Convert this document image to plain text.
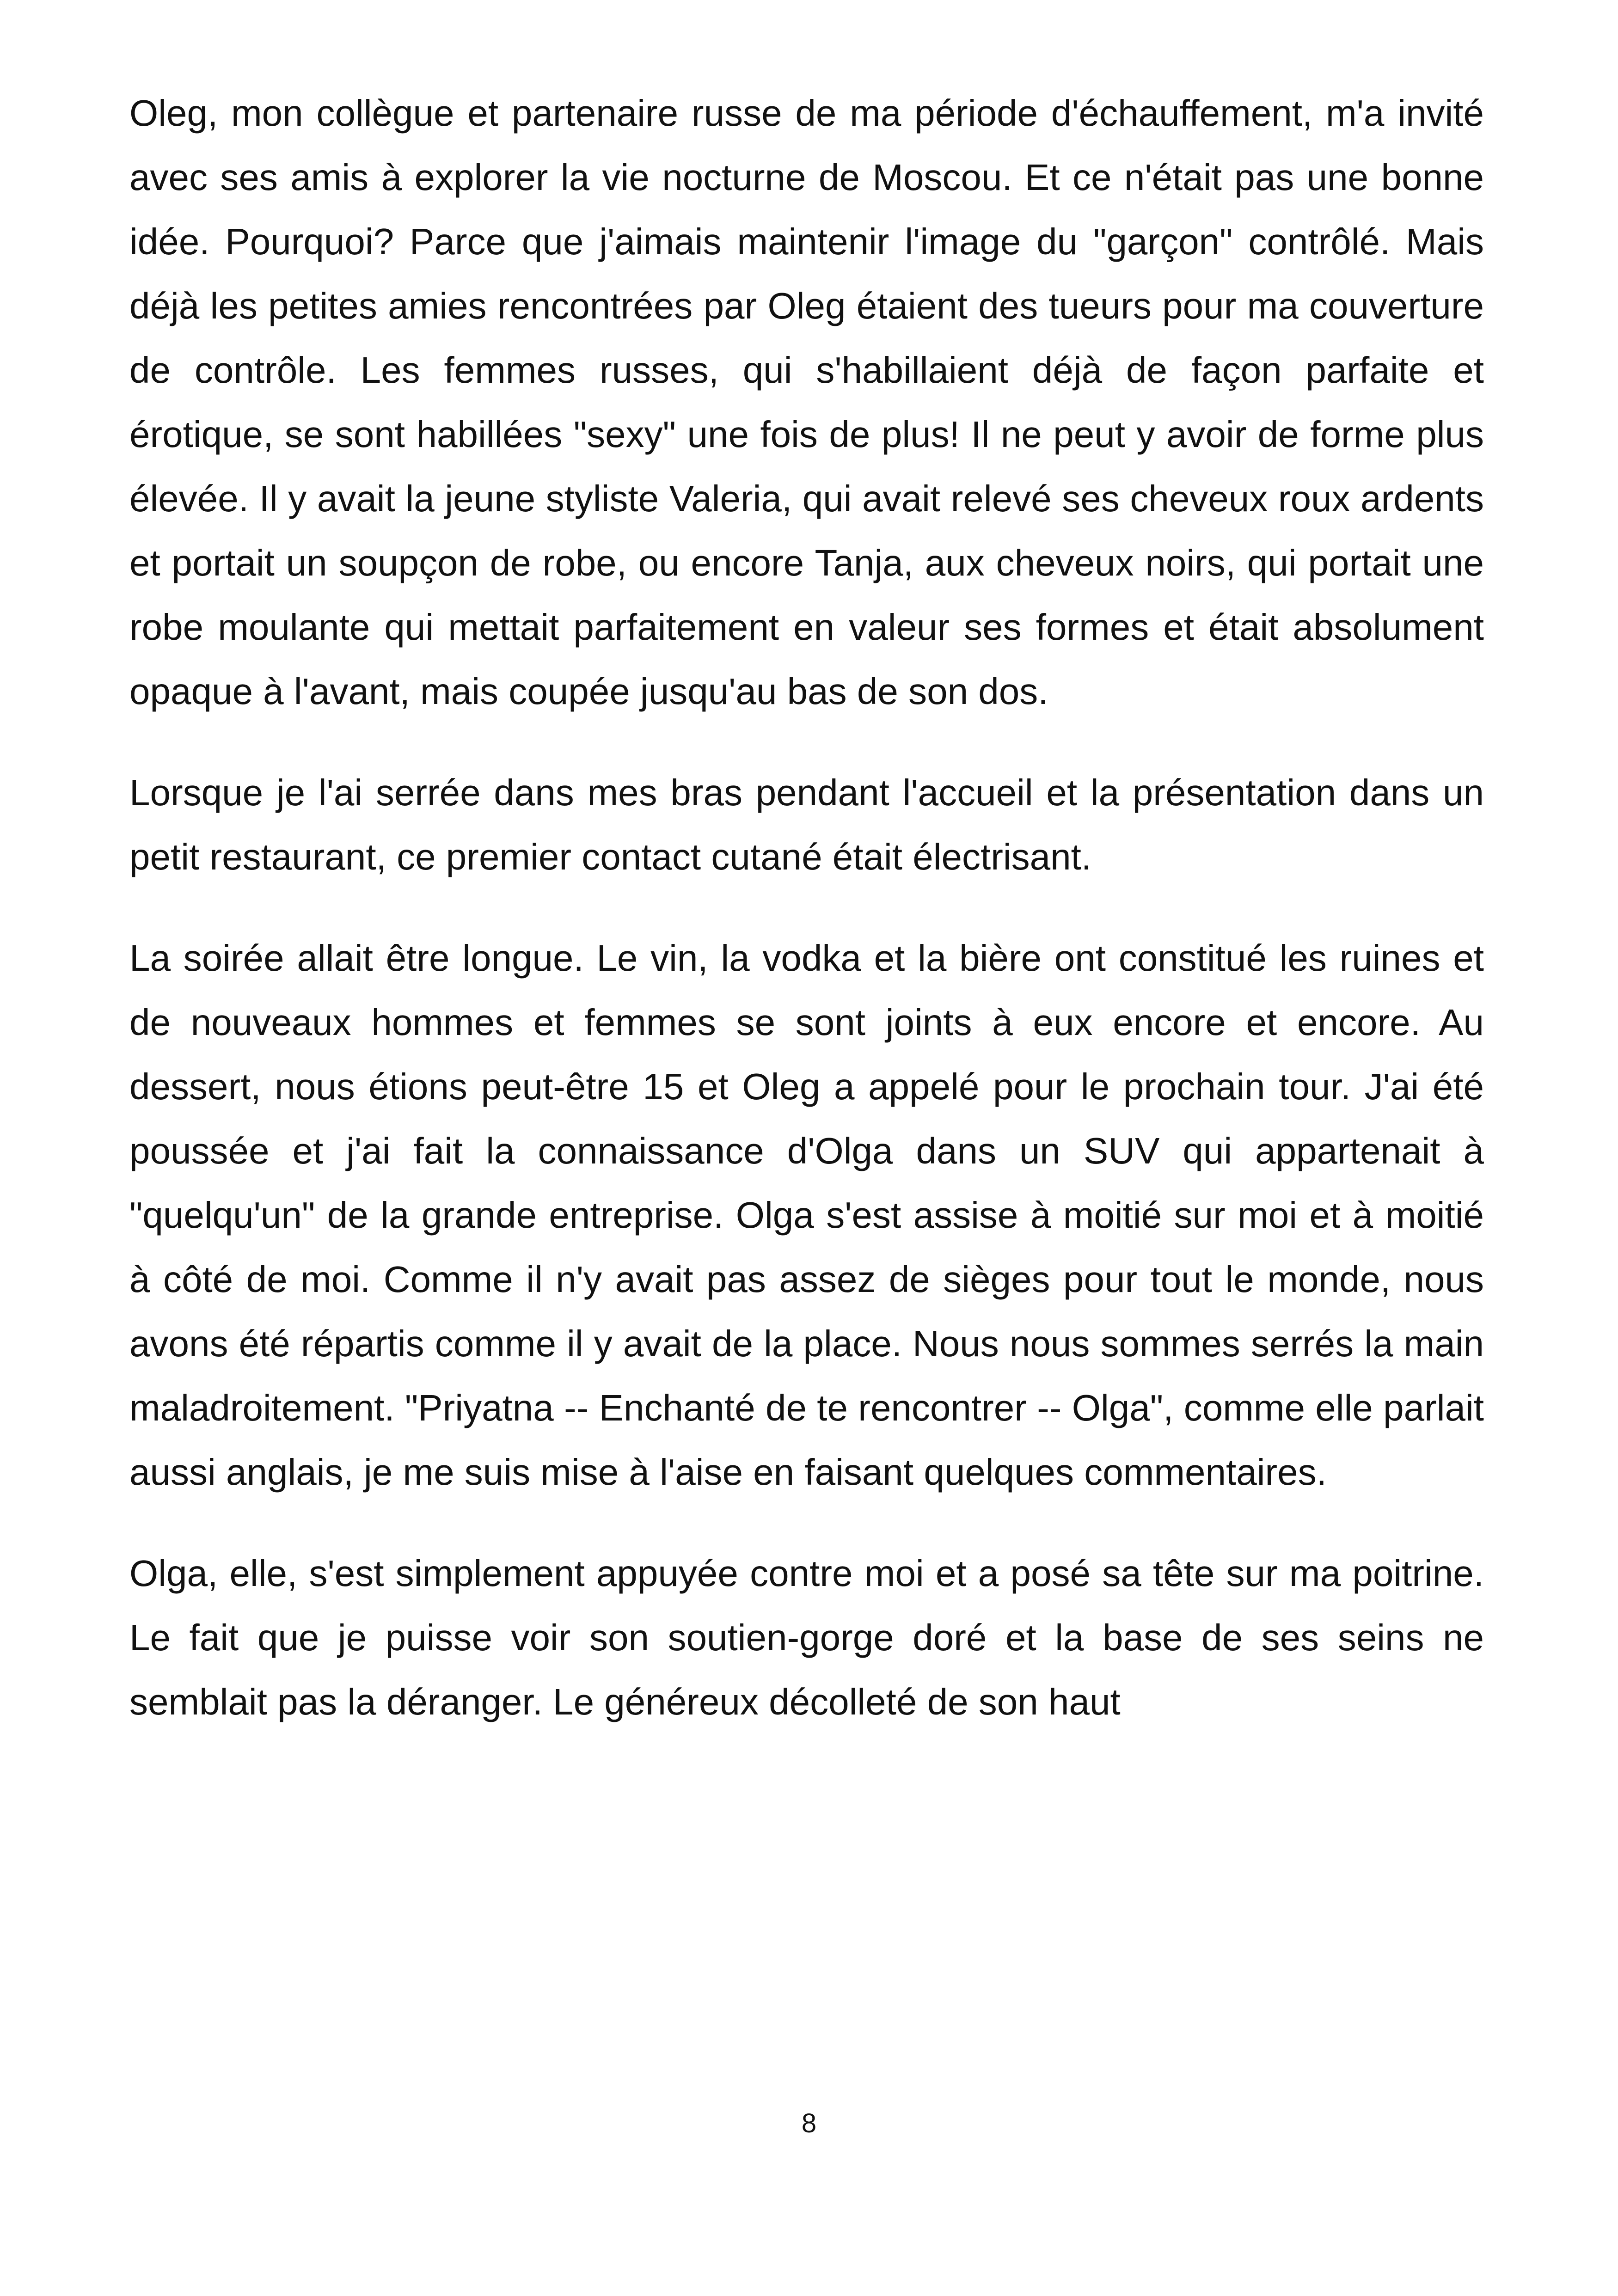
Oleg, mon collègue et partenaire russe de ma période d'échauffement, m'a invité avec ses amis à explorer la vie nocturne de Moscou. Et ce n'était pas une bonne idée. Pourquoi? Parce que j'aimais maintenir l'image du "garçon" contrôlé. Mais déjà les petites amies rencontrées par Oleg étaient des tueurs pour ma couverture de contrôle. Les femmes russes, qui s'habillaient déjà de façon parfaite et érotique, se sont habillées "sexy" une fois de plus! Il ne peut y avoir de forme plus élevée. Il y avait la jeune styliste Valeria, qui avait relevé ses cheveux roux ardents et portait un soupçon de robe, ou encore Tanja, aux cheveux noirs, qui portait une robe moulante qui mettait parfaitement en valeur ses formes et était absolument opaque à l'avant, mais coupée jusqu'au bas de son dos.

Lorsque je l'ai serrée dans mes bras pendant l'accueil et la présentation dans un petit restaurant, ce premier contact cutané était électrisant.

La soirée allait être longue. Le vin, la vodka et la bière ont constitué les ruines et de nouveaux hommes et femmes se sont joints à eux encore et encore. Au dessert, nous étions peut-être 15 et Oleg a appelé pour le prochain tour. J'ai été poussée et j'ai fait la connaissance d'Olga dans un SUV qui appartenait à "quelqu'un" de la grande entreprise. Olga s'est assise à moitié sur moi et à moitié à côté de moi. Comme il n'y avait pas assez de sièges pour tout le monde, nous avons été répartis comme il y avait de la place. Nous nous sommes serrés la main maladroitement. "Priyatna -- Enchanté de te rencontrer -- Olga", comme elle parlait aussi anglais, je me suis mise à l'aise en faisant quelques commentaires.

Olga, elle, s'est simplement appuyée contre moi et a posé sa tête sur ma poitrine. Le fait que je puisse voir son soutien-gorge doré et la base de ses seins ne semblait pas la déranger. Le généreux décolleté de son haut

8
